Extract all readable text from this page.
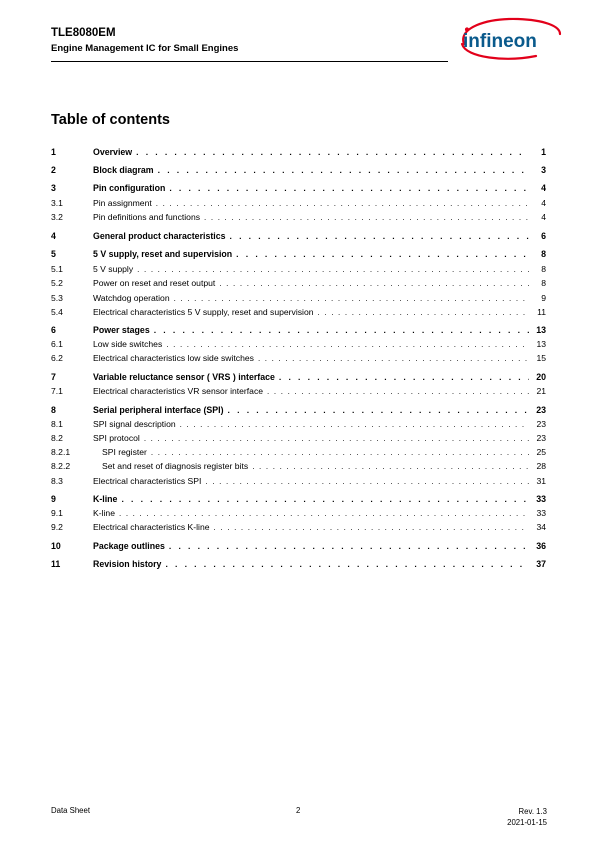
TLE8080EM
Engine Management IC for Small Engines	infineon
Table of contents
1	Overview . . .	1
2	Block diagram . . .	3
3	Pin configuration . . .	4
3.1	Pin assignment . . .	4
3.2	Pin definitions and functions . . .	4
4	General product characteristics . . .	6
5	5 V supply, reset and supervision . . .	8
5.1	5 V supply . . .	8
5.2	Power on reset and reset output . . .	8
5.3	Watchdog operation . . .	9
5.4	Electrical characteristics 5 V supply, reset and supervision . . .	11
6	Power stages . . .	13
6.1	Low side switches . . .	13
6.2	Electrical characteristics low side switches . . .	15
7	Variable reluctance sensor ( VRS ) interface . . .	20
7.1	Electrical characteristics VR sensor interface . . .	21
8	Serial peripheral interface (SPI) . . .	23
8.1	SPI signal description . . .	23
8.2	SPI protocol . . .	23
8.2.1	SPI register . . .	25
8.2.2	Set and reset of diagnosis register bits . . .	28
8.3	Electrical characteristics SPI . . .	31
9	K-line . . .	33
9.1	K-line . . .	33
9.2	Electrical characteristics K-line . . .	34
10	Package outlines . . .	36
11	Revision history . . .	37
Data Sheet	2	Rev. 1.3
2021-01-15
